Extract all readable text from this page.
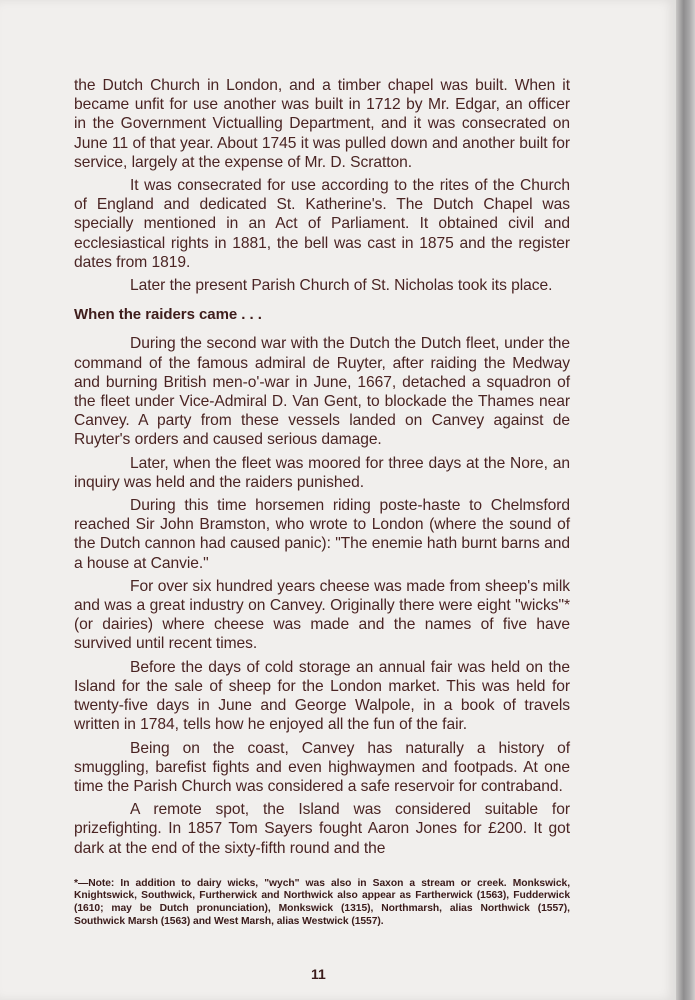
the Dutch Church in London, and a timber chapel was built. When it became unfit for use another was built in 1712 by Mr. Edgar, an officer in the Government Victualling Department, and it was consecrated on June 11 of that year. About 1745 it was pulled down and another built for service, largely at the expense of Mr. D. Scratton.

It was consecrated for use according to the rites of the Church of England and dedicated St. Katherine's. The Dutch Chapel was specially mentioned in an Act of Parliament. It obtained civil and ecclesiastical rights in 1881, the bell was cast in 1875 and the register dates from 1819.

Later the present Parish Church of St. Nicholas took its place.

When the raiders came . . .

During the second war with the Dutch the Dutch fleet, under the command of the famous admiral de Ruyter, after raiding the Medway and burning British men-o'-war in June, 1667, detached a squadron of the fleet under Vice-Admiral D. Van Gent, to blockade the Thames near Canvey. A party from these vessels landed on Canvey against de Ruyter's orders and caused serious damage.

Later, when the fleet was moored for three days at the Nore, an inquiry was held and the raiders punished.

During this time horsemen riding poste-haste to Chelmsford reached Sir John Bramston, who wrote to London (where the sound of the Dutch cannon had caused panic): "The enemie hath burnt barns and a house at Canvie."

For over six hundred years cheese was made from sheep's milk and was a great industry on Canvey. Originally there were eight "wicks"* (or dairies) where cheese was made and the names of five have survived until recent times.

Before the days of cold storage an annual fair was held on the Island for the sale of sheep for the London market. This was held for twenty-five days in June and George Walpole, in a book of travels written in 1784, tells how he enjoyed all the fun of the fair.

Being on the coast, Canvey has naturally a history of smuggling, barefist fights and even highwaymen and footpads. At one time the Parish Church was considered a safe reservoir for contraband.

A remote spot, the Island was considered suitable for prizefighting. In 1857 Tom Sayers fought Aaron Jones for £200. It got dark at the end of the sixty-fifth round and the

*—Note: In addition to dairy wicks, "wych" was also in Saxon a stream or creek. Monkswick, Knightswick, Southwick, Furtherwick and Northwick also appear as Fartherwick (1563), Fudderwick (1610; may be Dutch pronunciation), Monkswick (1315), Northmarsh, alias Northwick (1557), Southwick Marsh (1563) and West Marsh, alias Westwick (1557).
11
